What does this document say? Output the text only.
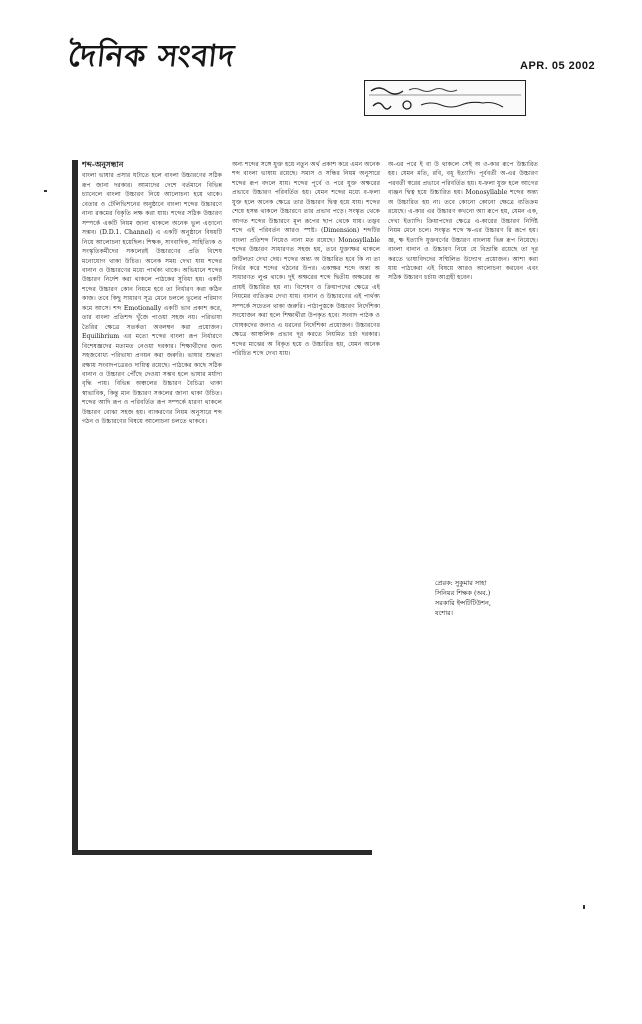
দৈনিক সংবাদ	APR. 05 2002
শব্দ-অনুসন্ধান

বাংলা ভাষার প্রসার ঘটাতে হলে বাংলা উচ্চারণের সঠিক রূপ জানা দরকার। আমাদের দেশে বর্তমানে বিভিন্ন চ্যানেলে বাংলা উচ্চারণ নিয়ে আলোচনা হয়ে থাকে। বেতার ও টেলিভিশনের অনুষ্ঠানে বাংলা শব্দের উচ্চারণে নানা রকমের বিকৃতি লক্ষ করা যায়। শব্দের সঠিক উচ্চারণ সম্পর্কে একটি নিয়ম জানা থাকলে অনেক ভুল এড়ানো সম্ভব। (D.D.1. Channel) এ একটি অনুষ্ঠানে বিষয়টি নিয়ে আলোচনা হয়েছিল। শিক্ষক, সাংবাদিক, সাহিত্যিক ও সংস্কৃতিকর্মীদের সকলেরই উচ্চারণের প্রতি বিশেষ মনোযোগ থাকা উচিত। অনেক সময় দেখা যায় শব্দের বানান ও উচ্চারণের মধ্যে পার্থক্য থাকে। অভিধানে শব্দের উচ্চারণ নির্দেশ করা থাকলে পাঠকের সুবিধা হয়। একটি শব্দের উচ্চারণ কোন নিয়মে হবে তা নির্ধারণ করা কঠিন কাজ। তবে কিছু সাধারণ সূত্র মেনে চললে ভুলের পরিমাণ কমে আসে। শব্দ Emotionally একটি ভাব প্রকাশ করে, তার বাংলা প্রতিশব্দ খুঁজে পাওয়া সহজ নয়। পরিভাষা তৈরির ক্ষেত্রে সতর্কতা অবলম্বন করা প্রয়োজন। Equilibrium এর মতো শব্দের বাংলা রূপ নির্ধারণে বিশেষজ্ঞদের মতামত নেওয়া দরকার। শিক্ষার্থীদের জন্য সহজবোধ্য পরিভাষা প্রণয়ন করা জরুরি। ভাষার শুদ্ধতা রক্ষায় সংবাদপত্রেরও দায়িত্ব রয়েছে। পাঠকের কাছে সঠিক বানান ও উচ্চারণ পৌঁছে দেওয়া সম্ভব হলে ভাষার মর্যাদা বৃদ্ধি পায়। বিভিন্ন অঞ্চলের উচ্চারণ বৈচিত্র্য থাকা স্বাভাবিক, কিন্তু মান উচ্চারণ সকলের জানা থাকা উচিত। শব্দের আদি রূপ ও পরিবর্তিত রূপ সম্পর্কে ধারণা থাকলে উচ্চারণ বোঝা সহজ হয়। ব্যাকরণের নিয়ম অনুসারে শব্দ গঠন ও উচ্চারণের বিষয়ে আলোচনা চলতে থাকবে।

অন্য শব্দের সঙ্গে যুক্ত হয়ে নতুন অর্থ প্রকাশ করে এমন অনেক শব্দ বাংলা ভাষায় রয়েছে। সমাস ও সন্ধির নিয়ম অনুসারে শব্দের রূপ বদলে যায়। শব্দের পূর্বে ও পরে যুক্ত অক্ষরের প্রভাবে উচ্চারণ পরিবর্তিত হয়। যেমন শব্দের মধ্যে ব-ফলা যুক্ত হলে অনেক ক্ষেত্রে তার উচ্চারণ দ্বিত্ব হয়ে যায়। শব্দের শেষে হসন্ত থাকলে উচ্চারণে তার প্রভাব পড়ে। সংস্কৃত থেকে আগত শব্দের উচ্চারণে মূল রূপের ছাপ থেকে যায়। তদ্ভব শব্দে এই পরিবর্তন আরও স্পষ্ট। (Dimension) শব্দটির বাংলা প্রতিশব্দ নিয়েও নানা মত রয়েছে। Monosyllable শব্দের উচ্চারণ সাধারণত সহজ হয়, তবে যুক্তাক্ষর থাকলে জটিলতা দেখা দেয়। শব্দের অন্ত্য অ উচ্চারিত হবে কি না তা নির্ভর করে শব্দের গঠনের উপর। একাক্ষর শব্দে অন্ত্য অ সাধারণত লুপ্ত থাকে। দুই অক্ষরের শব্দে দ্বিতীয় অক্ষরের অ প্রায়ই উচ্চারিত হয় না। বিশেষণ ও ক্রিয়াপদের ক্ষেত্রে এই নিয়মের ব্যতিক্রম দেখা যায়। বানান ও উচ্চারণের এই পার্থক্য সম্পর্কে সচেতন থাকা জরুরি। পাঠ্যপুস্তকে উচ্চারণ নির্দেশিকা সংযোজন করা হলে শিক্ষার্থীরা উপকৃত হবে। সংবাদ পাঠক ও ঘোষকদের জন্যও এ ধরনের নির্দেশিকা প্রয়োজন। উচ্চারণের ক্ষেত্রে আঞ্চলিক প্রভাব দূর করতে নিয়মিত চর্চা দরকার। শব্দের মাঝের অ বিকৃত হয়ে ও উচ্চারিত হয়, যেমন অনেক পরিচিত শব্দে দেখা যায়।

অ-এর পরে ই বা উ থাকলে সেই অ ও-কার রূপে উচ্চারিত হয়। যেমন মতি, রবি, বধূ ইত্যাদি। পূর্ববর্তী অ-এর উচ্চারণ পরবর্তী স্বরের প্রভাবে পরিবর্তিত হয়। য-ফলা যুক্ত হলে আগের ব্যঞ্জন দ্বিত্ব হয়ে উচ্চারিত হয়। Monosyllable শব্দের অন্ত্য অ উচ্চারিত হয় না। তবে কোনো কোনো ক্ষেত্রে ব্যতিক্রম রয়েছে। এ-কার এর উচ্চারণ কখনো অ্যা রূপে হয়, যেমন এক, দেখা ইত্যাদি। ক্রিয়াপদের ক্ষেত্রে এ-কারের উচ্চারণ নির্দিষ্ট নিয়ম মেনে চলে। সংস্কৃত শব্দে ঋ-এর উচ্চারণ রি রূপে হয়। জ্ঞ, ক্ষ ইত্যাদি যুক্তবর্ণের উচ্চারণ বাংলায় ভিন্ন রূপ নিয়েছে। বাংলা বানান ও উচ্চারণ নিয়ে যে বিভ্রান্তি রয়েছে তা দূর করতে ভাষাবিদদের সম্মিলিত উদ্যোগ প্রয়োজন। আশা করা যায় পাঠকেরা এই বিষয়ে আরও আলোচনা করবেন এবং সঠিক উচ্চারণ চর্চায় আগ্রহী হবেন।

প্রেরক: সুকুমার সাহা
সিনিয়র শিক্ষক (অব.)
সরকারি ইন্সটিটিউশন,
যশোর।
